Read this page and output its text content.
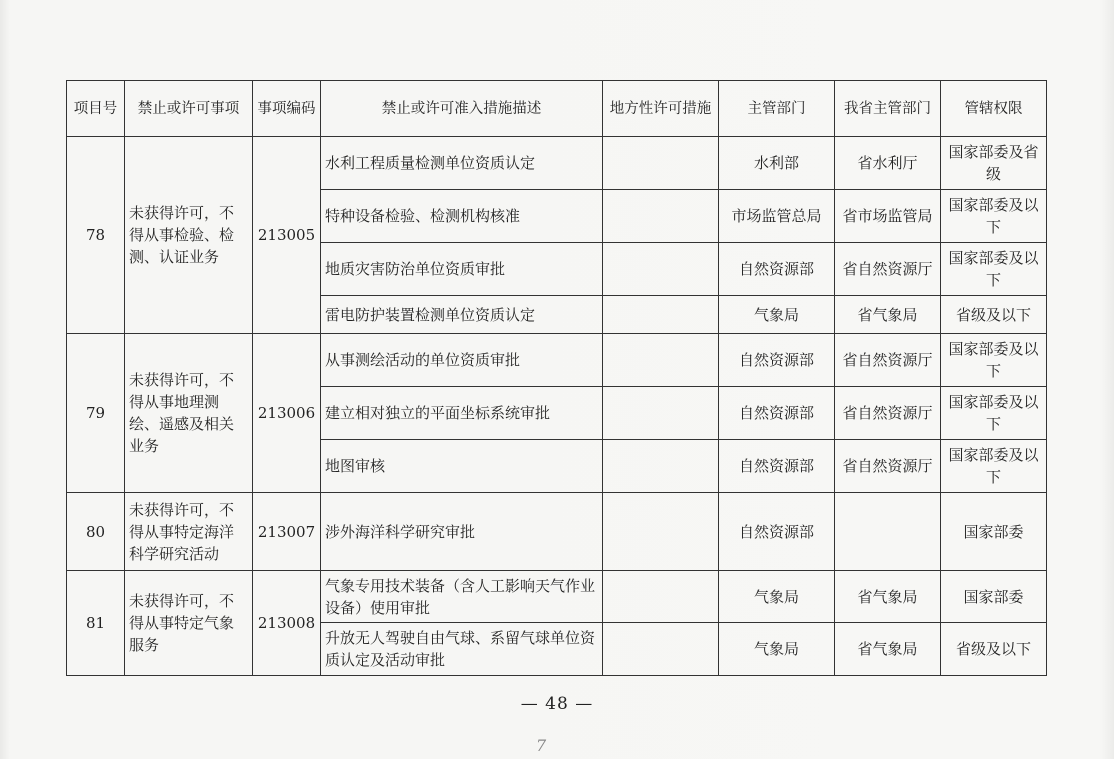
项目号	禁止或许可事项	事项编码	禁止或许可准入措施描述	地方性许可措施	主管部门	我省主管部门	管辖权限
78	未获得许可，不得从事检验、检测、认证业务	213005	水利工程质量检测单位资质认定		水利部	省水利厅	国家部委及省级
			特种设备检验、检测机构核准		市场监管总局	省市场监管局	国家部委及以下
			地质灾害防治单位资质审批		自然资源部	省自然资源厅	国家部委及以下
			雷电防护装置检测单位资质认定		气象局	省气象局	省级及以下
79	未获得许可，不得从事地理测绘、遥感及相关业务	213006	从事测绘活动的单位资质审批		自然资源部	省自然资源厅	国家部委及以下
			建立相对独立的平面坐标系统审批		自然资源部	省自然资源厅	国家部委及以下
			地图审核		自然资源部	省自然资源厅	国家部委及以下
80	未获得许可，不得从事特定海洋科学研究活动	213007	涉外海洋科学研究审批		自然资源部		国家部委
81	未获得许可，不得从事特定气象服务	213008	气象专用技术装备（含人工影响天气作业设备）使用审批		气象局	省气象局	国家部委
			升放无人驾驶自由气球、系留气球单位资质认定及活动审批		气象局	省气象局	省级及以下
— 48 —
7
